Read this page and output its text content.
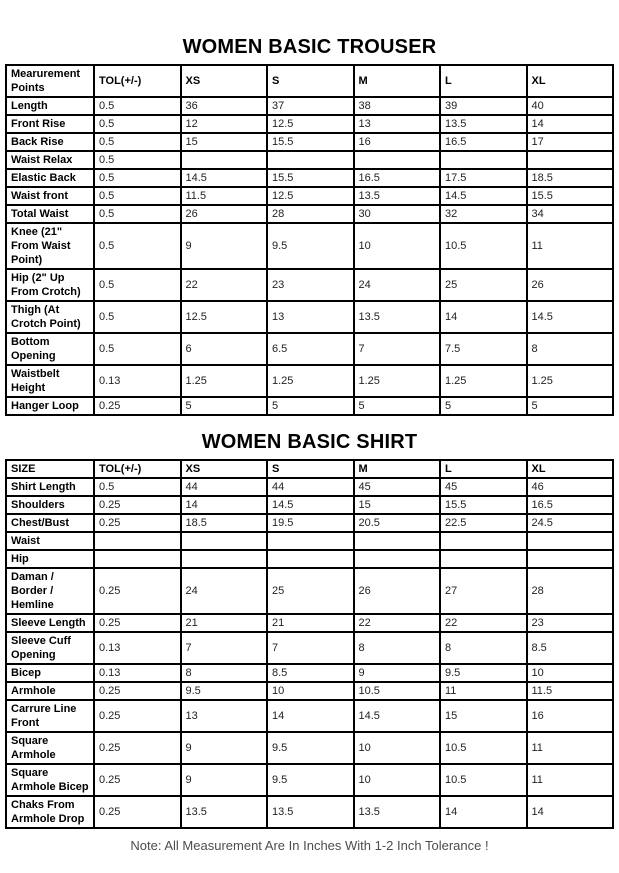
WOMEN BASIC TROUSER
Mearurement Points	TOL(+/-)	XS	S	M	L	XL
Length	0.5	36	37	38	39	40
Front Rise	0.5	12	12.5	13	13.5	14
Back Rise	0.5	15	15.5	16	16.5	17
Waist Relax	0.5					
Elastic Back	0.5	14.5	15.5	16.5	17.5	18.5
Waist front	0.5	11.5	12.5	13.5	14.5	15.5
Total Waist	0.5	26	28	30	32	34
Knee (21" From Waist Point)	0.5	9	9.5	10	10.5	11
Hip (2" Up From Crotch)	0.5	22	23	24	25	26
Thigh (At Crotch Point)	0.5	12.5	13	13.5	14	14.5
Bottom Opening	0.5	6	6.5	7	7.5	8
Waistbelt Height	0.13	1.25	1.25	1.25	1.25	1.25
Hanger Loop	0.25	5	5	5	5	5
WOMEN BASIC SHIRT
SIZE	TOL(+/-)	XS	S	M	L	XL
Shirt Length	0.5	44	44	45	45	46
Shoulders	0.25	14	14.5	15	15.5	16.5
Chest/Bust	0.25	18.5	19.5	20.5	22.5	24.5
Waist						
Hip						
Daman / Border / Hemline	0.25	24	25	26	27	28
Sleeve Length	0.25	21	21	22	22	23
Sleeve Cuff Opening	0.13	7	7	8	8	8.5
Bicep	0.13	8	8.5	9	9.5	10
Armhole	0.25	9.5	10	10.5	11	11.5
Carrure Line Front	0.25	13	14	14.5	15	16
Square Armhole	0.25	9	9.5	10	10.5	11
Square Armhole Bicep	0.25	9	9.5	10	10.5	11
Chaks From Armhole Drop	0.25	13.5	13.5	13.5	14	14

Note: All Measurement Are In Inches With 1-2 Inch Tolerance !
